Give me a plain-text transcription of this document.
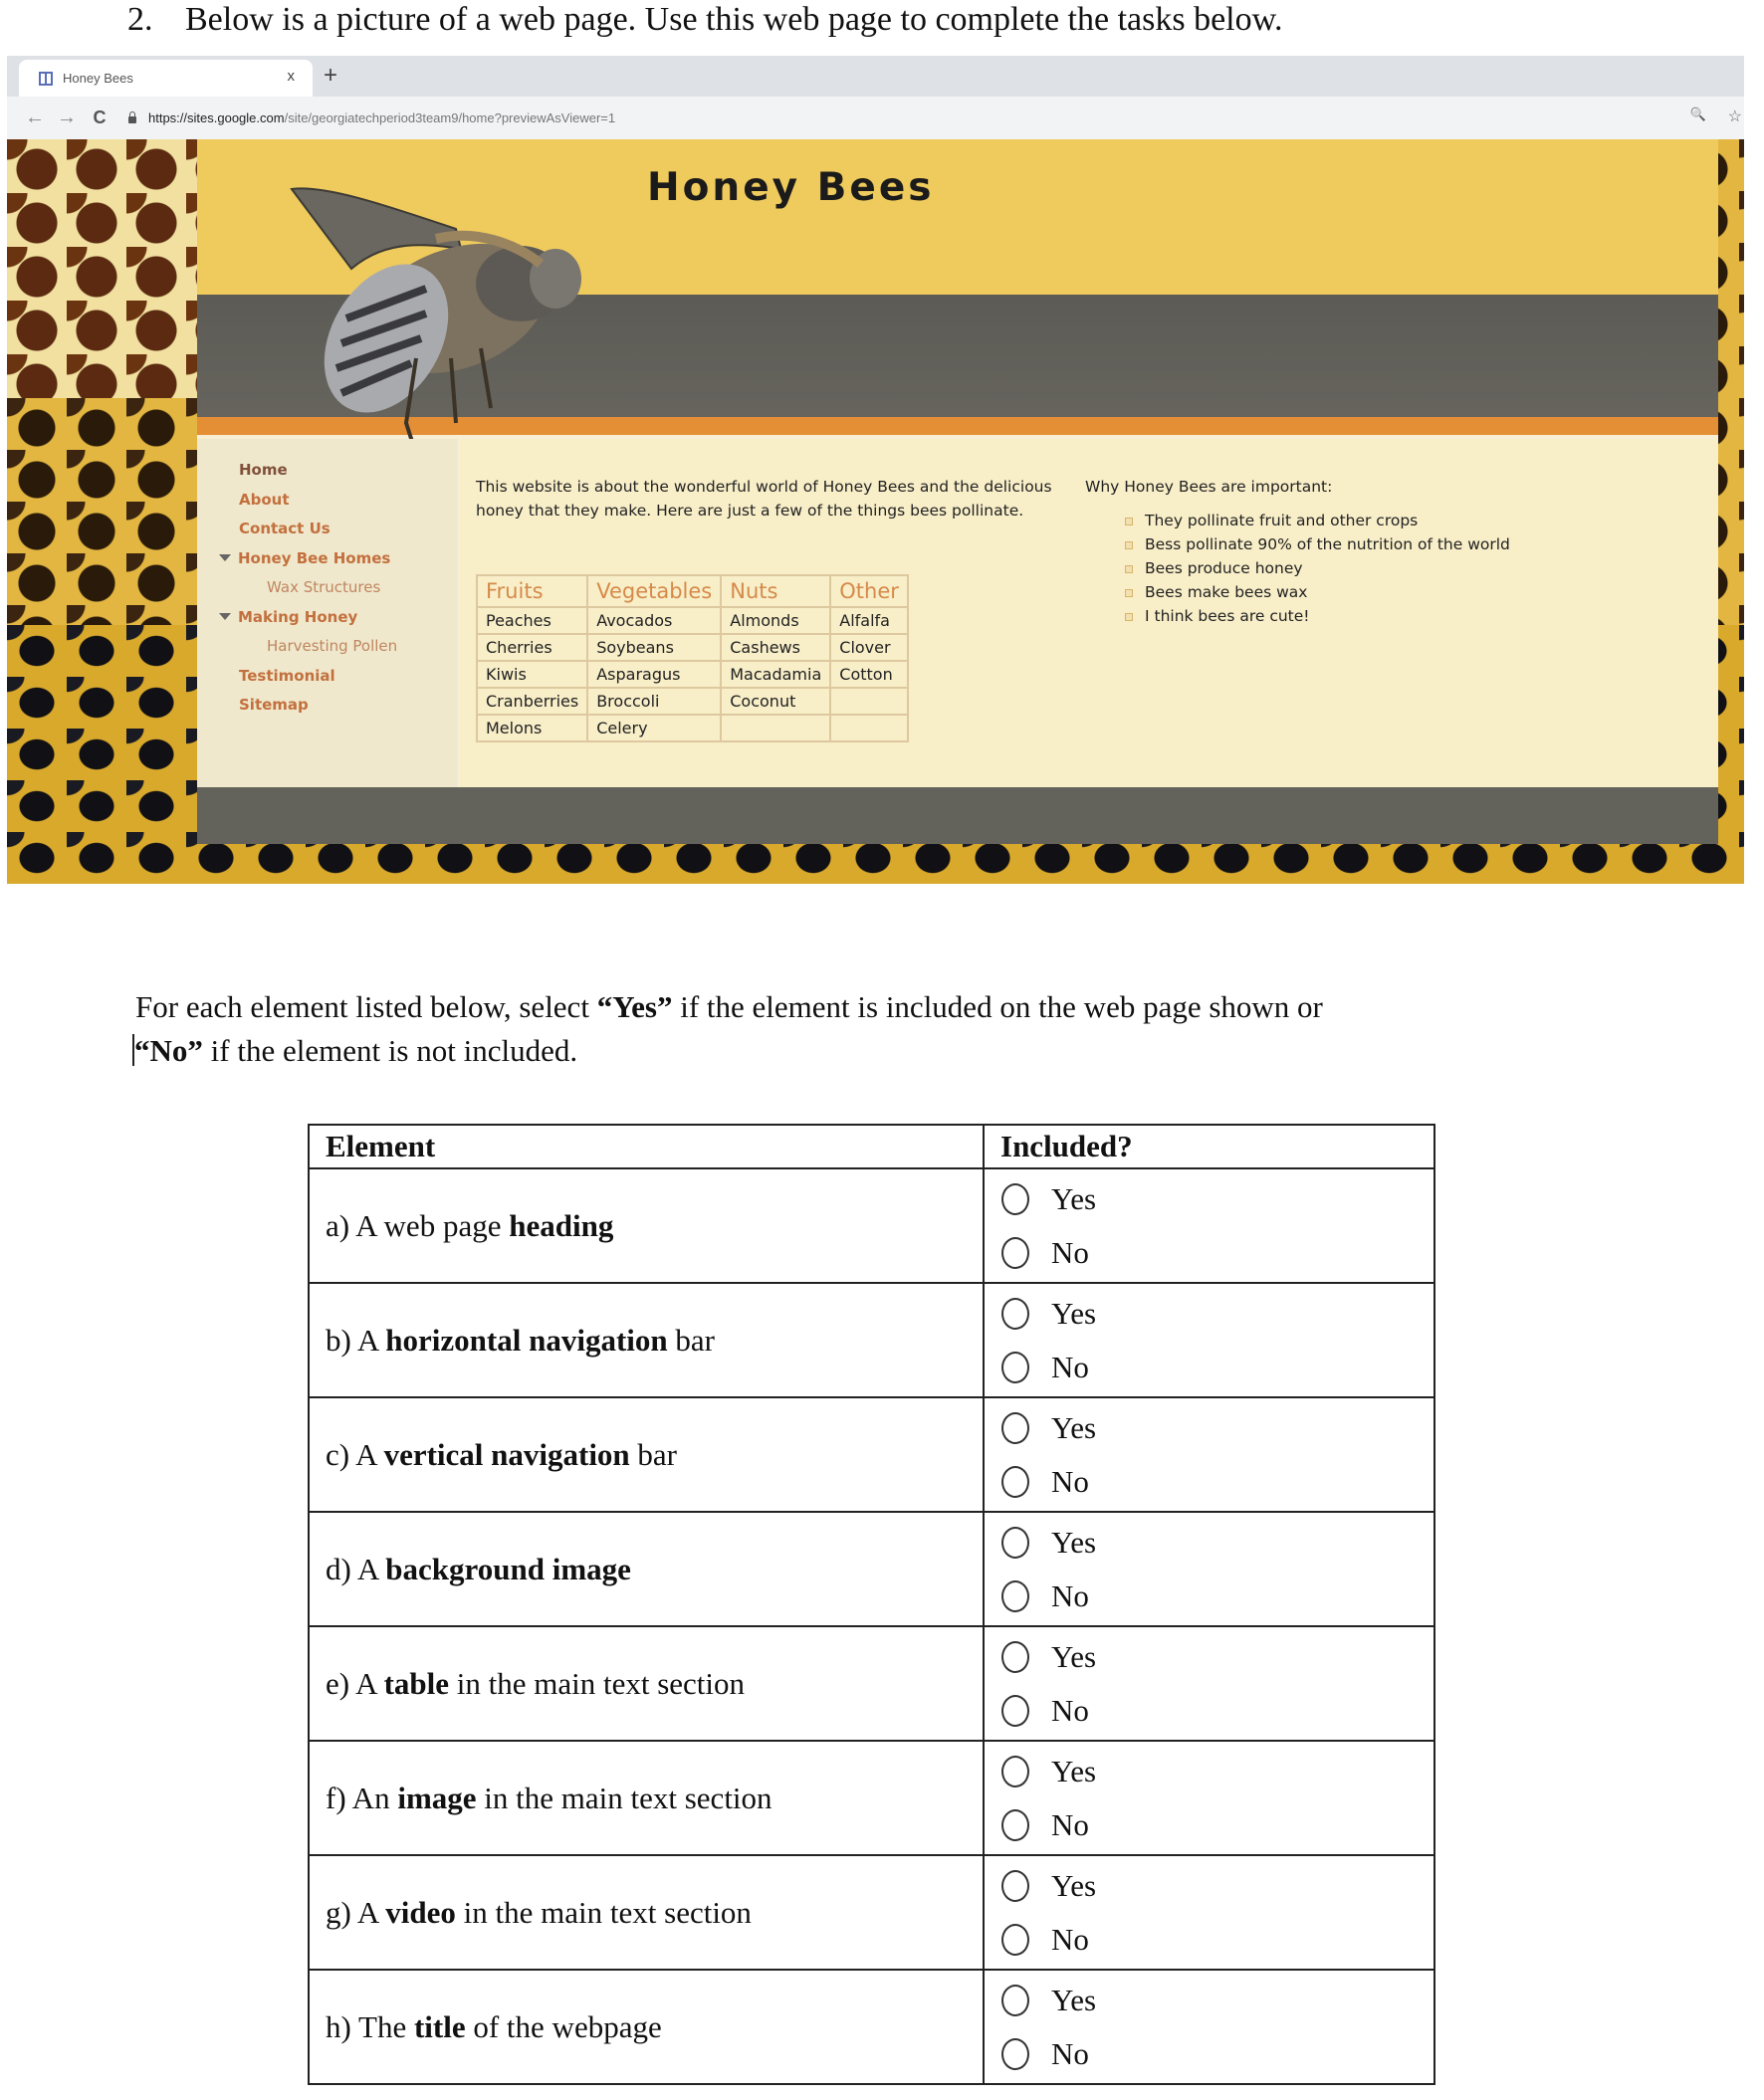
2. Below is a picture of a web page. Use this web page to complete the tasks below.
Honey Bees	x +
← → C	https://sites.google.com /site/georgiatechperiod3team9/home?previewAsViewer=1	🔍 ☆
Honey Bees
Home
About
Contact Us
Honey Bee Homes
Wax Structures
Making Honey
Harvesting Pollen
Testimonial
Sitemap

This website is about the wonderful world of Honey Bees and the delicious honey that they make. Here are just a few of the things bees pollinate.

Fruits	Vegetables	Nuts	Other
Peaches	Avocados	Almonds	Alfalfa
Cherries	Soybeans	Cashews	Clover
Kiwis	Asparagus	Macadamia	Cotton
Cranberries	Broccoli	Coconut	
Melons	Celery		
Why Honey Bees are important:
They pollinate fruit and other crops
Bess pollinate 90% of the nutrition of the world
Bees produce honey
Bees make bees wax
I think bees are cute!
For each element listed below, select “Yes” if the element is included on the web page shown or
“No” if the element is not included.
Element	Included?
a) A web page heading	Yes
No

b) A horizontal navigation bar	Yes
No

c) A vertical navigation bar	Yes
No

d) A background image	Yes
No

e) A table in the main text section	Yes
No

f) An image in the main text section	Yes
No

g) A video in the main text section	Yes
No

h) The title of the webpage	Yes
No
